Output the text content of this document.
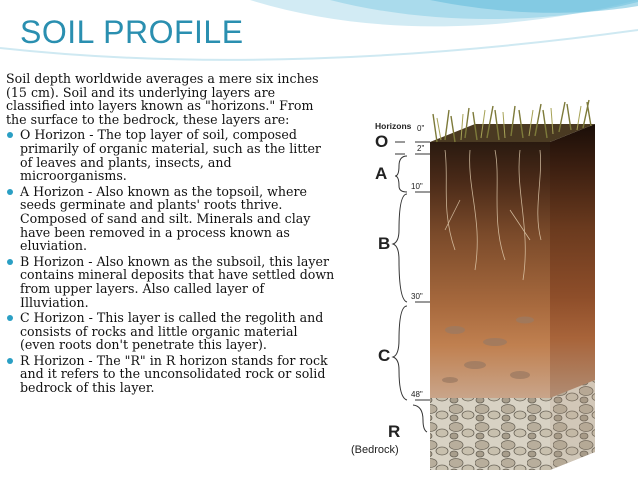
SOIL PROFILE

Soil depth worldwide averages a mere six inches (15 cm). Soil and its underlying layers are classified into layers known as "horizons." From the surface to the bedrock, these layers are:

O Horizon - The top layer of soil, composed primarily of organic material, such as the litter of leaves and plants, insects, and microorganisms.
A Horizon - Also known as the topsoil, where seeds germinate and plants' roots thrive. Composed of sand and silt. Minerals and clay have been removed in a process known as eluviation.
B Horizon - Also known as the subsoil, this layer contains mineral deposits that have settled down from upper layers. Also called layer of Illuviation.
C Horizon - This layer is called the regolith and consists of rocks and little organic material (even roots don't penetrate this layer).
R Horizon - The "R" in R horizon stands for rock and it refers to the unconsolidated rock or solid bedrock of this layer.
Horizons
O
A
B
C
R
(Bedrock)
0"
2"
10"
30"
48"
